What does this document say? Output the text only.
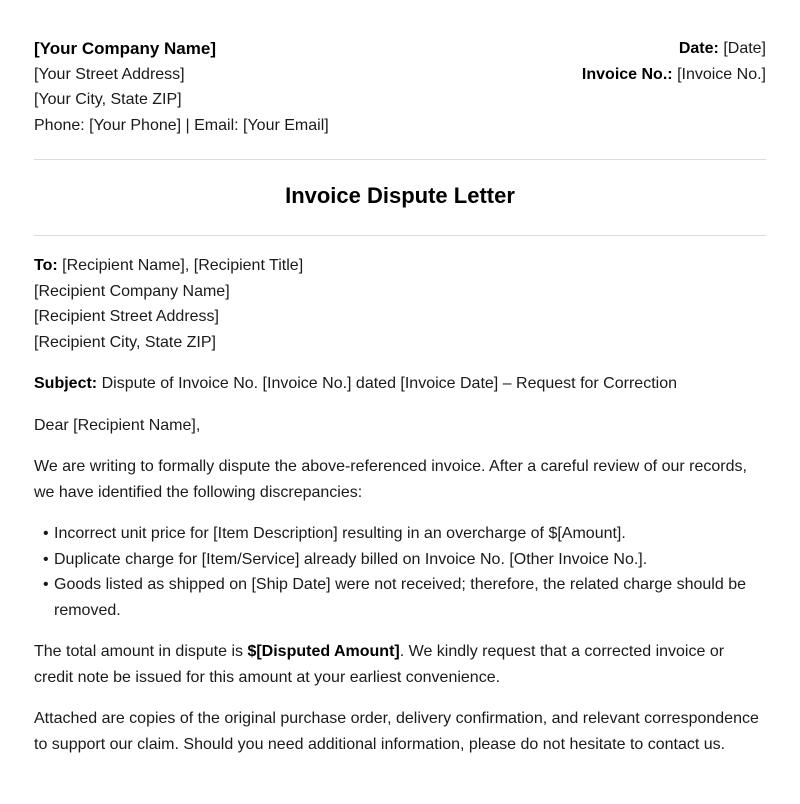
[Your Company Name]
[Your Street Address]
[Your City, State ZIP]
Phone: [Your Phone] | Email: [Your Email]
Date: [Date]
Invoice No.: [Invoice No.]
Invoice Dispute Letter
To: [Recipient Name], [Recipient Title]
[Recipient Company Name]
[Recipient Street Address]
[Recipient City, State ZIP]

Subject: Dispute of Invoice No. [Invoice No.] dated [Invoice Date] – Request for Correction

Dear [Recipient Name],

We are writing to formally dispute the above-referenced invoice. After a careful review of our records, we have identified the following discrepancies:

• Incorrect unit price for [Item Description] resulting in an overcharge of $[Amount].
• Duplicate charge for [Item/Service] already billed on Invoice No. [Other Invoice No.].
• Goods listed as shipped on [Ship Date] were not received; therefore, the related charge should be removed.

The total amount in dispute is $[Disputed Amount]. We kindly request that a corrected invoice or credit note be issued for this amount at your earliest convenience.

Attached are copies of the original purchase order, delivery confirmation, and relevant correspondence to support our claim. Should you need additional information, please do not hesitate to contact us.
